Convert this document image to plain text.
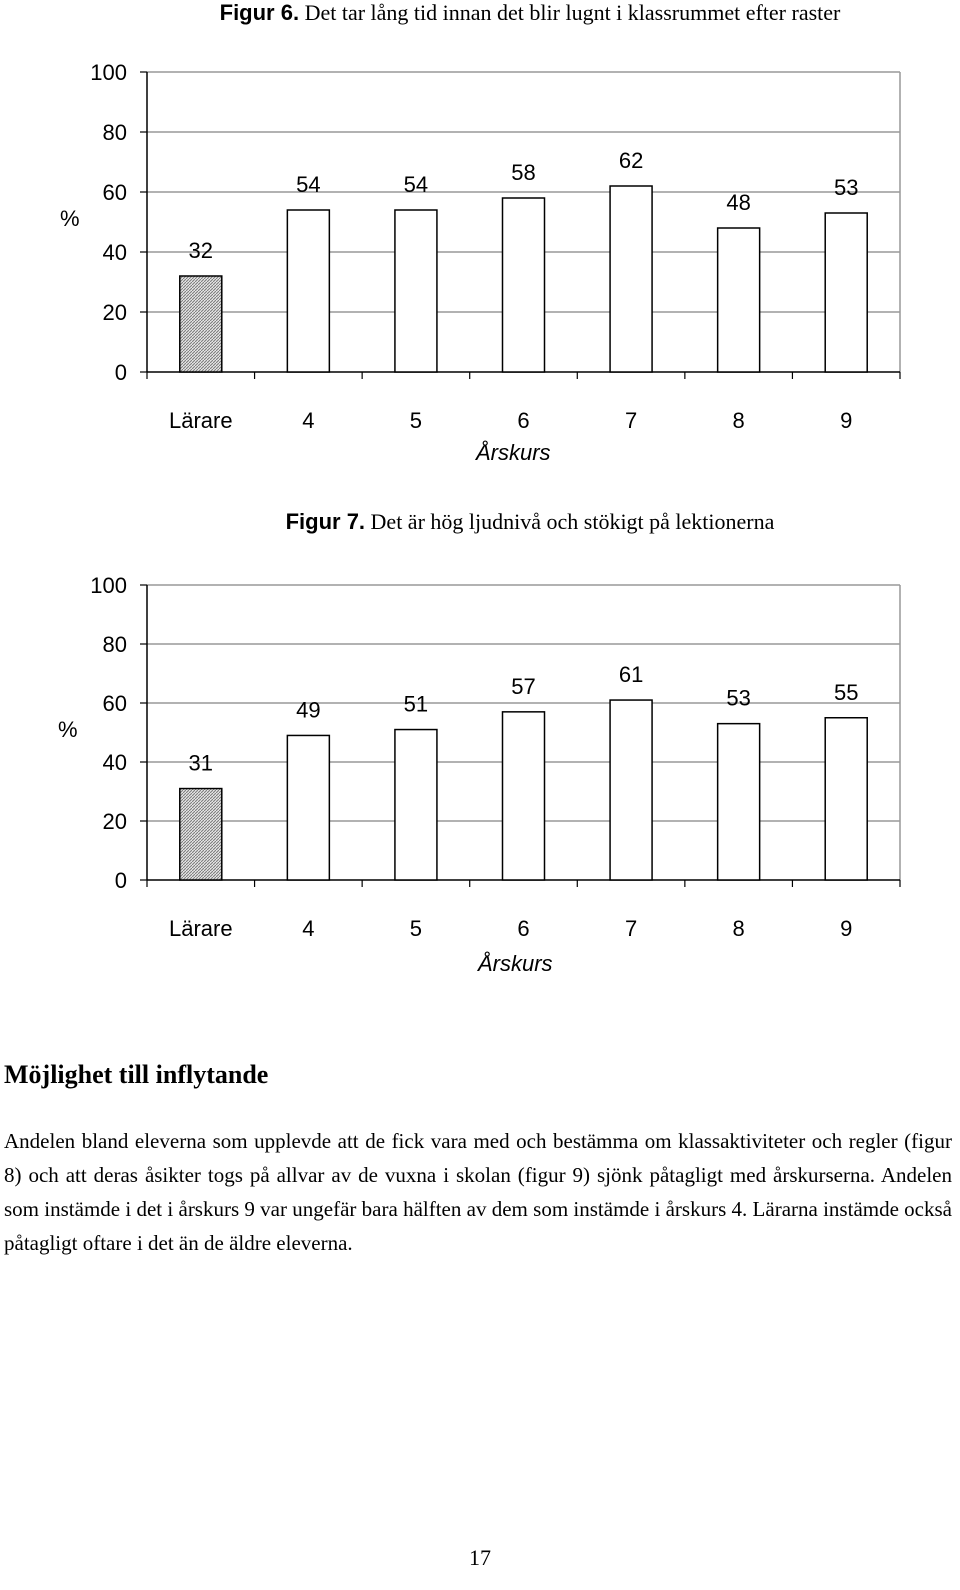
Figur 6. Det tar lång tid innan det blir lugnt i klassrummet efter raster
%
Årskurs
0
20
40
60
80
100
32
Lärare
54
4
54
5
58
6
62
7
48
8
53
9
Figur 7. Det är hög ljudnivå och stökigt på lektionerna
%
Årskurs
0
20
40
60
80
100
31
Lärare
49
4
51
5
57
6
61
7
53
8
55
9
Möjlighet till inflytande
Andelen bland eleverna som upplevde att de fick vara med och bestämma om klassaktiviteter och regler (figur 8) och att deras åsikter togs på allvar av de vuxna i skolan (figur 9) sjönk påtagligt med årskurserna. Andelen som instämde i det i årskurs 9 var ungefär bara hälften av dem som instämde i årskurs 4. Lärarna instämde också påtagligt oftare i det än de äldre eleverna.
17
